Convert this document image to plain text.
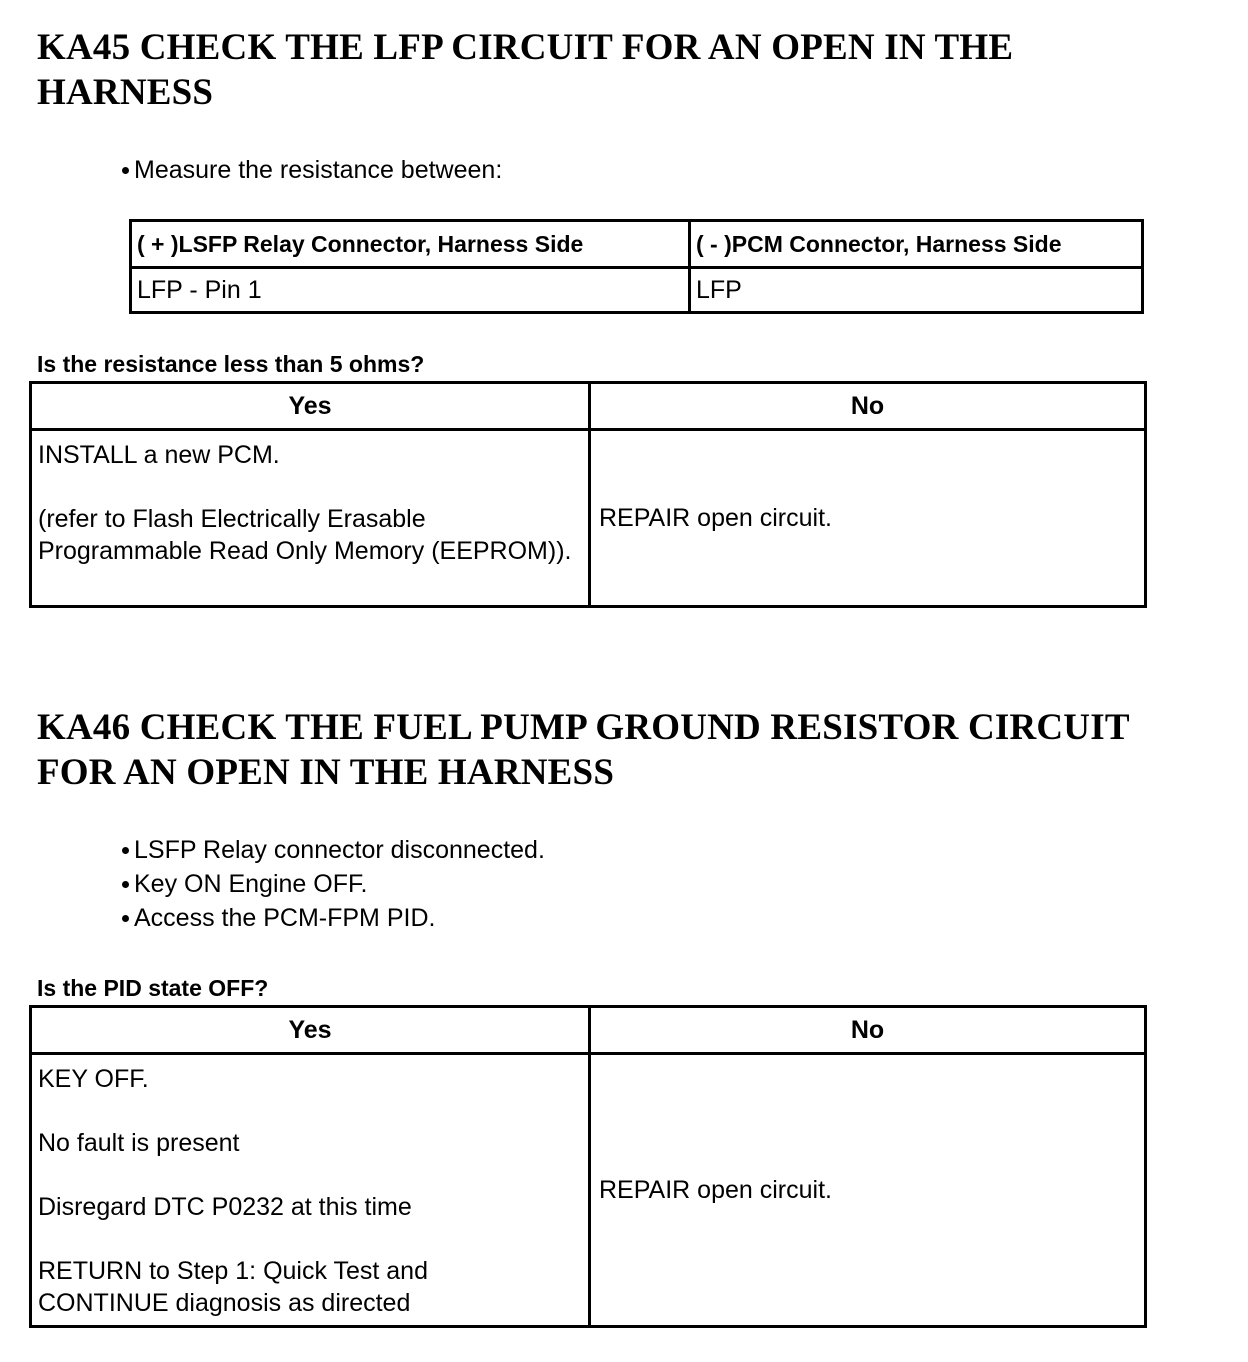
KA45 CHECK THE LFP CIRCUIT FOR AN OPEN IN THE
HARNESS
Measure the resistance between:
( + )LSFP Relay Connector, Harness Side	( - )PCM Connector, Harness Side
LFP - Pin 1	LFP

Is the resistance less than 5 ohms?

Yes	No

INSTALL a new PCM.

(refer to Flash Electrically Erasable Programmable Read Only Memory (EEPROM)).	REPAIR open circuit.
KA46 CHECK THE FUEL PUMP GROUND RESISTOR CIRCUIT
FOR AN OPEN IN THE HARNESS
LSFP Relay connector disconnected.
Key ON Engine OFF.
Access the PCM-FPM PID.

Is the PID state OFF?

Yes	No

KEY OFF.

No fault is present

Disregard DTC P0232 at this time

RETURN to Step 1: Quick Test and CONTINUE diagnosis as directed	REPAIR open circuit.
